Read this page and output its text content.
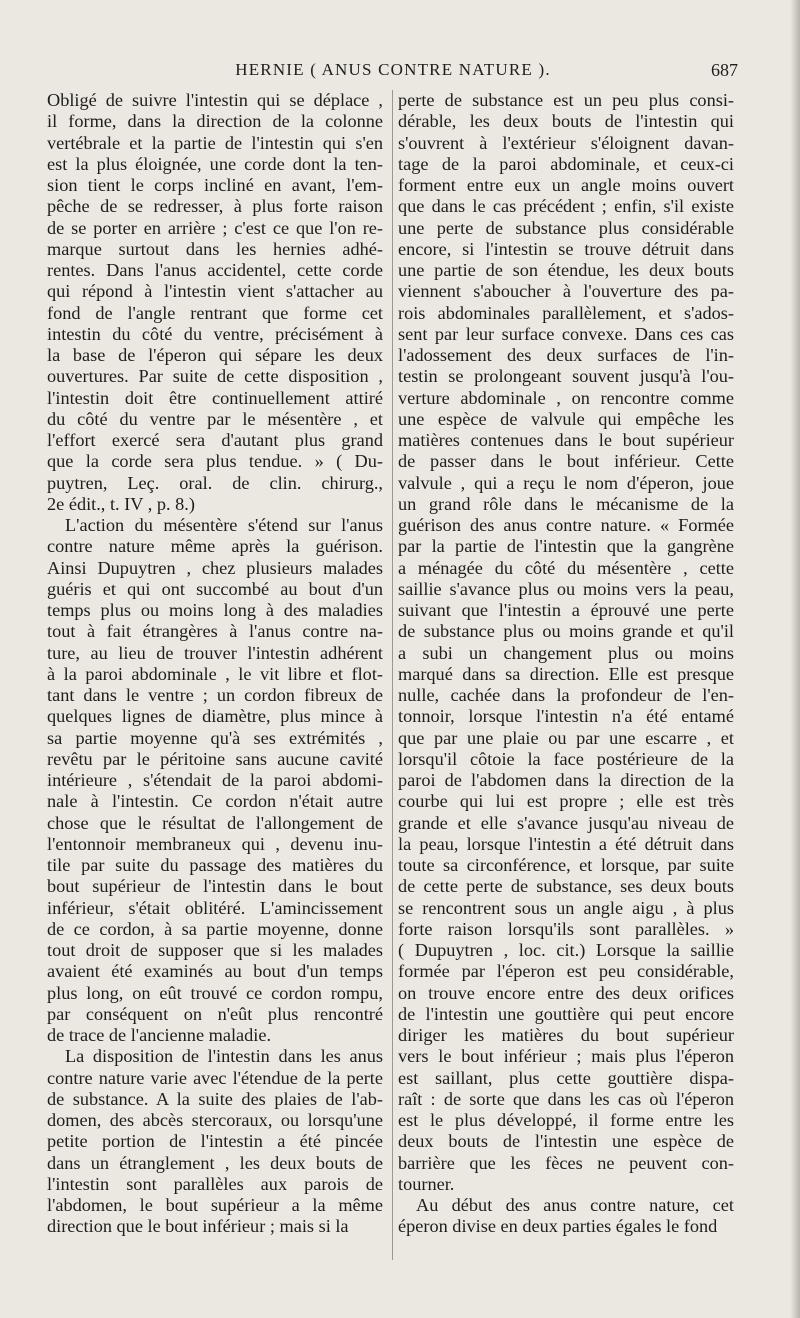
HERNIE ( ANUS CONTRE NATURE ).	687
Obligé de suivre l'intestin qui se déplace ,
il forme, dans la direction de la colonne
vertébrale et la partie de l'intestin qui s'en
est la plus éloignée, une corde dont la ten-
sion tient le corps incliné en avant, l'em-
pêche de se redresser, à plus forte raison
de se porter en arrière ; c'est ce que l'on re-
marque surtout dans les hernies adhé-
rentes. Dans l'anus accidentel, cette corde
qui répond à l'intestin vient s'attacher au
fond de l'angle rentrant que forme cet
intestin du côté du ventre, précisément à
la base de l'éperon qui sépare les deux
ouvertures. Par suite de cette disposition ,
l'intestin doit être continuellement attiré
du côté du ventre par le mésentère , et
l'effort exercé sera d'autant plus grand
que la corde sera plus tendue. » ( Du-
puytren, Leç. oral. de clin. chirurg.,
2e édit., t. IV , p. 8.)
L'action du mésentère s'étend sur l'anus
contre nature même après la guérison.
Ainsi Dupuytren , chez plusieurs malades
guéris et qui ont succombé au bout d'un
temps plus ou moins long à des maladies
tout à fait étrangères à l'anus contre na-
ture, au lieu de trouver l'intestin adhérent
à la paroi abdominale , le vit libre et flot-
tant dans le ventre ; un cordon fibreux de
quelques lignes de diamètre, plus mince à
sa partie moyenne qu'à ses extrémités ,
revêtu par le péritoine sans aucune cavité
intérieure , s'étendait de la paroi abdomi-
nale à l'intestin. Ce cordon n'était autre
chose que le résultat de l'allongement de
l'entonnoir membraneux qui , devenu inu-
tile par suite du passage des matières du
bout supérieur de l'intestin dans le bout
inférieur, s'était oblitéré. L'amincissement
de ce cordon, à sa partie moyenne, donne
tout droit de supposer que si les malades
avaient été examinés au bout d'un temps
plus long, on eût trouvé ce cordon rompu,
par conséquent on n'eût plus rencontré
de trace de l'ancienne maladie.
La disposition de l'intestin dans les anus
contre nature varie avec l'étendue de la perte
de substance. A la suite des plaies de l'ab-
domen, des abcès stercoraux, ou lorsqu'une
petite portion de l'intestin a été pincée
dans un étranglement , les deux bouts de
l'intestin sont parallèles aux parois de
l'abdomen, le bout supérieur a la même
direction que le bout inférieur ; mais si la
perte de substance est un peu plus consi-
dérable, les deux bouts de l'intestin qui
s'ouvrent à l'extérieur s'éloignent davan-
tage de la paroi abdominale, et ceux-ci
forment entre eux un angle moins ouvert
que dans le cas précédent ; enfin, s'il existe
une perte de substance plus considérable
encore, si l'intestin se trouve détruit dans
une partie de son étendue, les deux bouts
viennent s'aboucher à l'ouverture des pa-
rois abdominales parallèlement, et s'ados-
sent par leur surface convexe. Dans ces cas
l'adossement des deux surfaces de l'in-
testin se prolongeant souvent jusqu'à l'ou-
verture abdominale , on rencontre comme
une espèce de valvule qui empêche les
matières contenues dans le bout supérieur
de passer dans le bout inférieur. Cette
valvule , qui a reçu le nom d'éperon, joue
un grand rôle dans le mécanisme de la
guérison des anus contre nature. « Formée
par la partie de l'intestin que la gangrène
a ménagée du côté du mésentère , cette
saillie s'avance plus ou moins vers la peau,
suivant que l'intestin a éprouvé une perte
de substance plus ou moins grande et qu'il
a subi un changement plus ou moins
marqué dans sa direction. Elle est presque
nulle, cachée dans la profondeur de l'en-
tonnoir, lorsque l'intestin n'a été entamé
que par une plaie ou par une escarre , et
lorsqu'il côtoie la face postérieure de la
paroi de l'abdomen dans la direction de la
courbe qui lui est propre ; elle est très
grande et elle s'avance jusqu'au niveau de
la peau, lorsque l'intestin a été détruit dans
toute sa circonférence, et lorsque, par suite
de cette perte de substance, ses deux bouts
se rencontrent sous un angle aigu , à plus
forte raison lorsqu'ils sont parallèles. »
( Dupuytren , loc. cit.) Lorsque la saillie
formée par l'éperon est peu considérable,
on trouve encore entre des deux orifices
de l'intestin une gouttière qui peut encore
diriger les matières du bout supérieur
vers le bout inférieur ; mais plus l'éperon
est saillant, plus cette gouttière dispa-
raît : de sorte que dans les cas où l'éperon
est le plus développé, il forme entre les
deux bouts de l'intestin une espèce de
barrière que les fèces ne peuvent con-
tourner.
Au début des anus contre nature, cet
éperon divise en deux parties égales le fond
